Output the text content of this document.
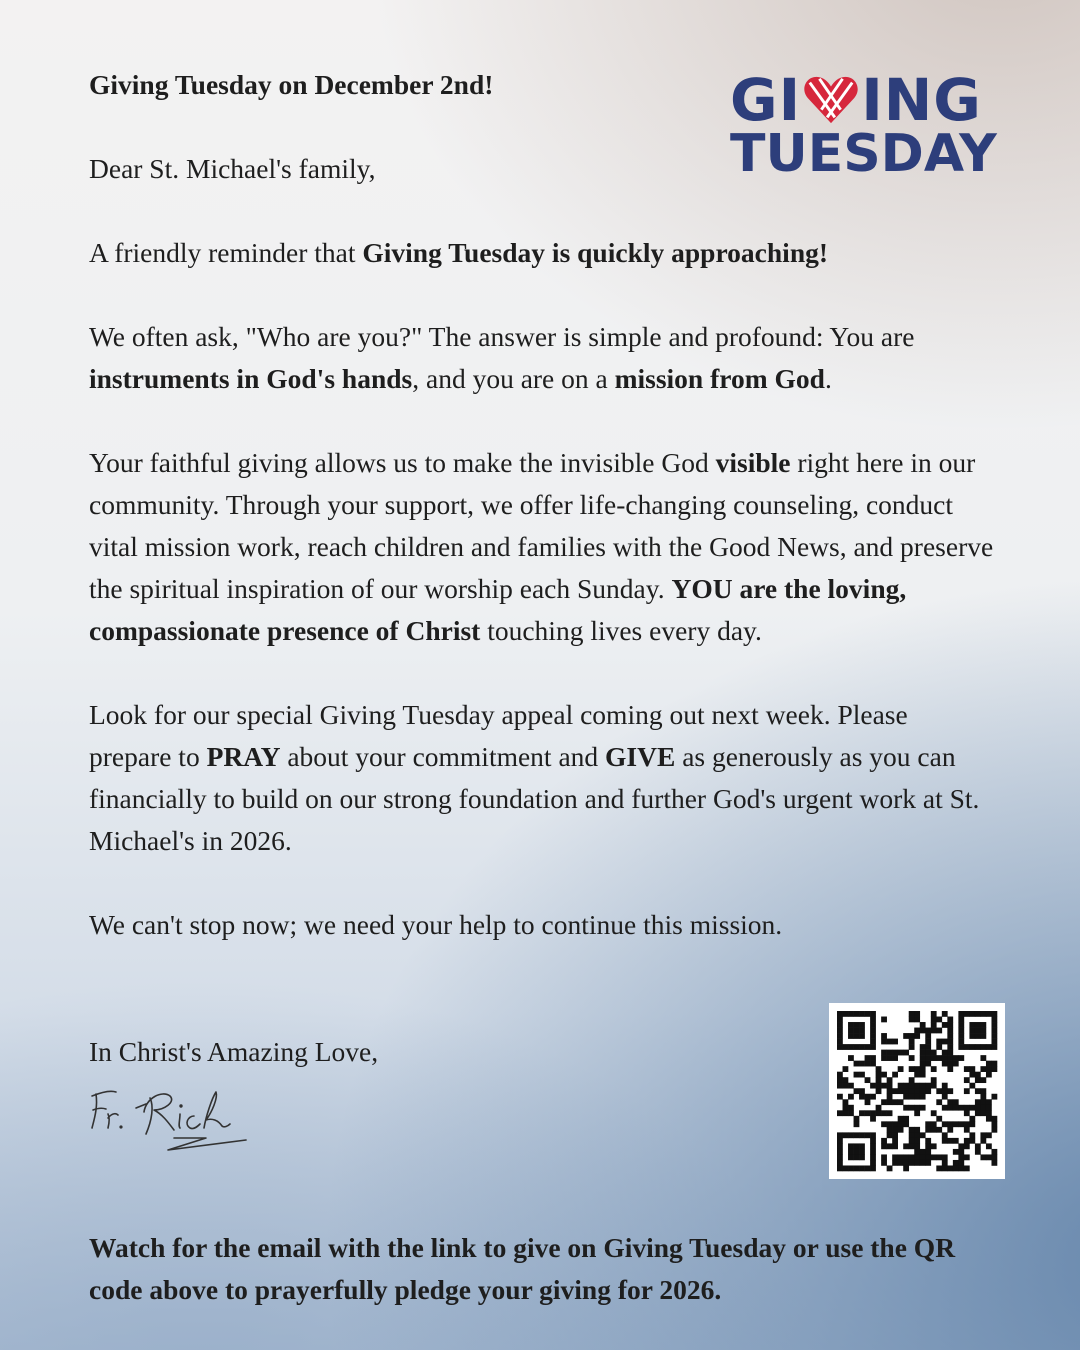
GI ING
TUESDAY

Giving Tuesday on December 2nd!

Dear St. Michael's family,

A friendly reminder that Giving Tuesday is quickly approaching!

We often ask, "Who are you?" The answer is simple and profound: You are instruments in God's hands, and you are on a mission from God.

Your faithful giving allows us to make the invisible God visible right here in our community. Through your support, we offer life-changing counseling, conduct vital mission work, reach children and families with the Good News, and preserve the spiritual inspiration of our worship each Sunday. YOU are the loving, compassionate presence of Christ touching lives every day.

Look for our special Giving Tuesday appeal coming out next week. Please prepare to PRAY about your commitment and GIVE as generously as you can financially to build on our strong foundation and further God's urgent work at St. Michael's in 2026.

We can't stop now; we need your help to continue this mission.

In Christ's Amazing Love,

Watch for the email with the link to give on Giving Tuesday or use the QR code above to prayerfully pledge your giving for 2026.
